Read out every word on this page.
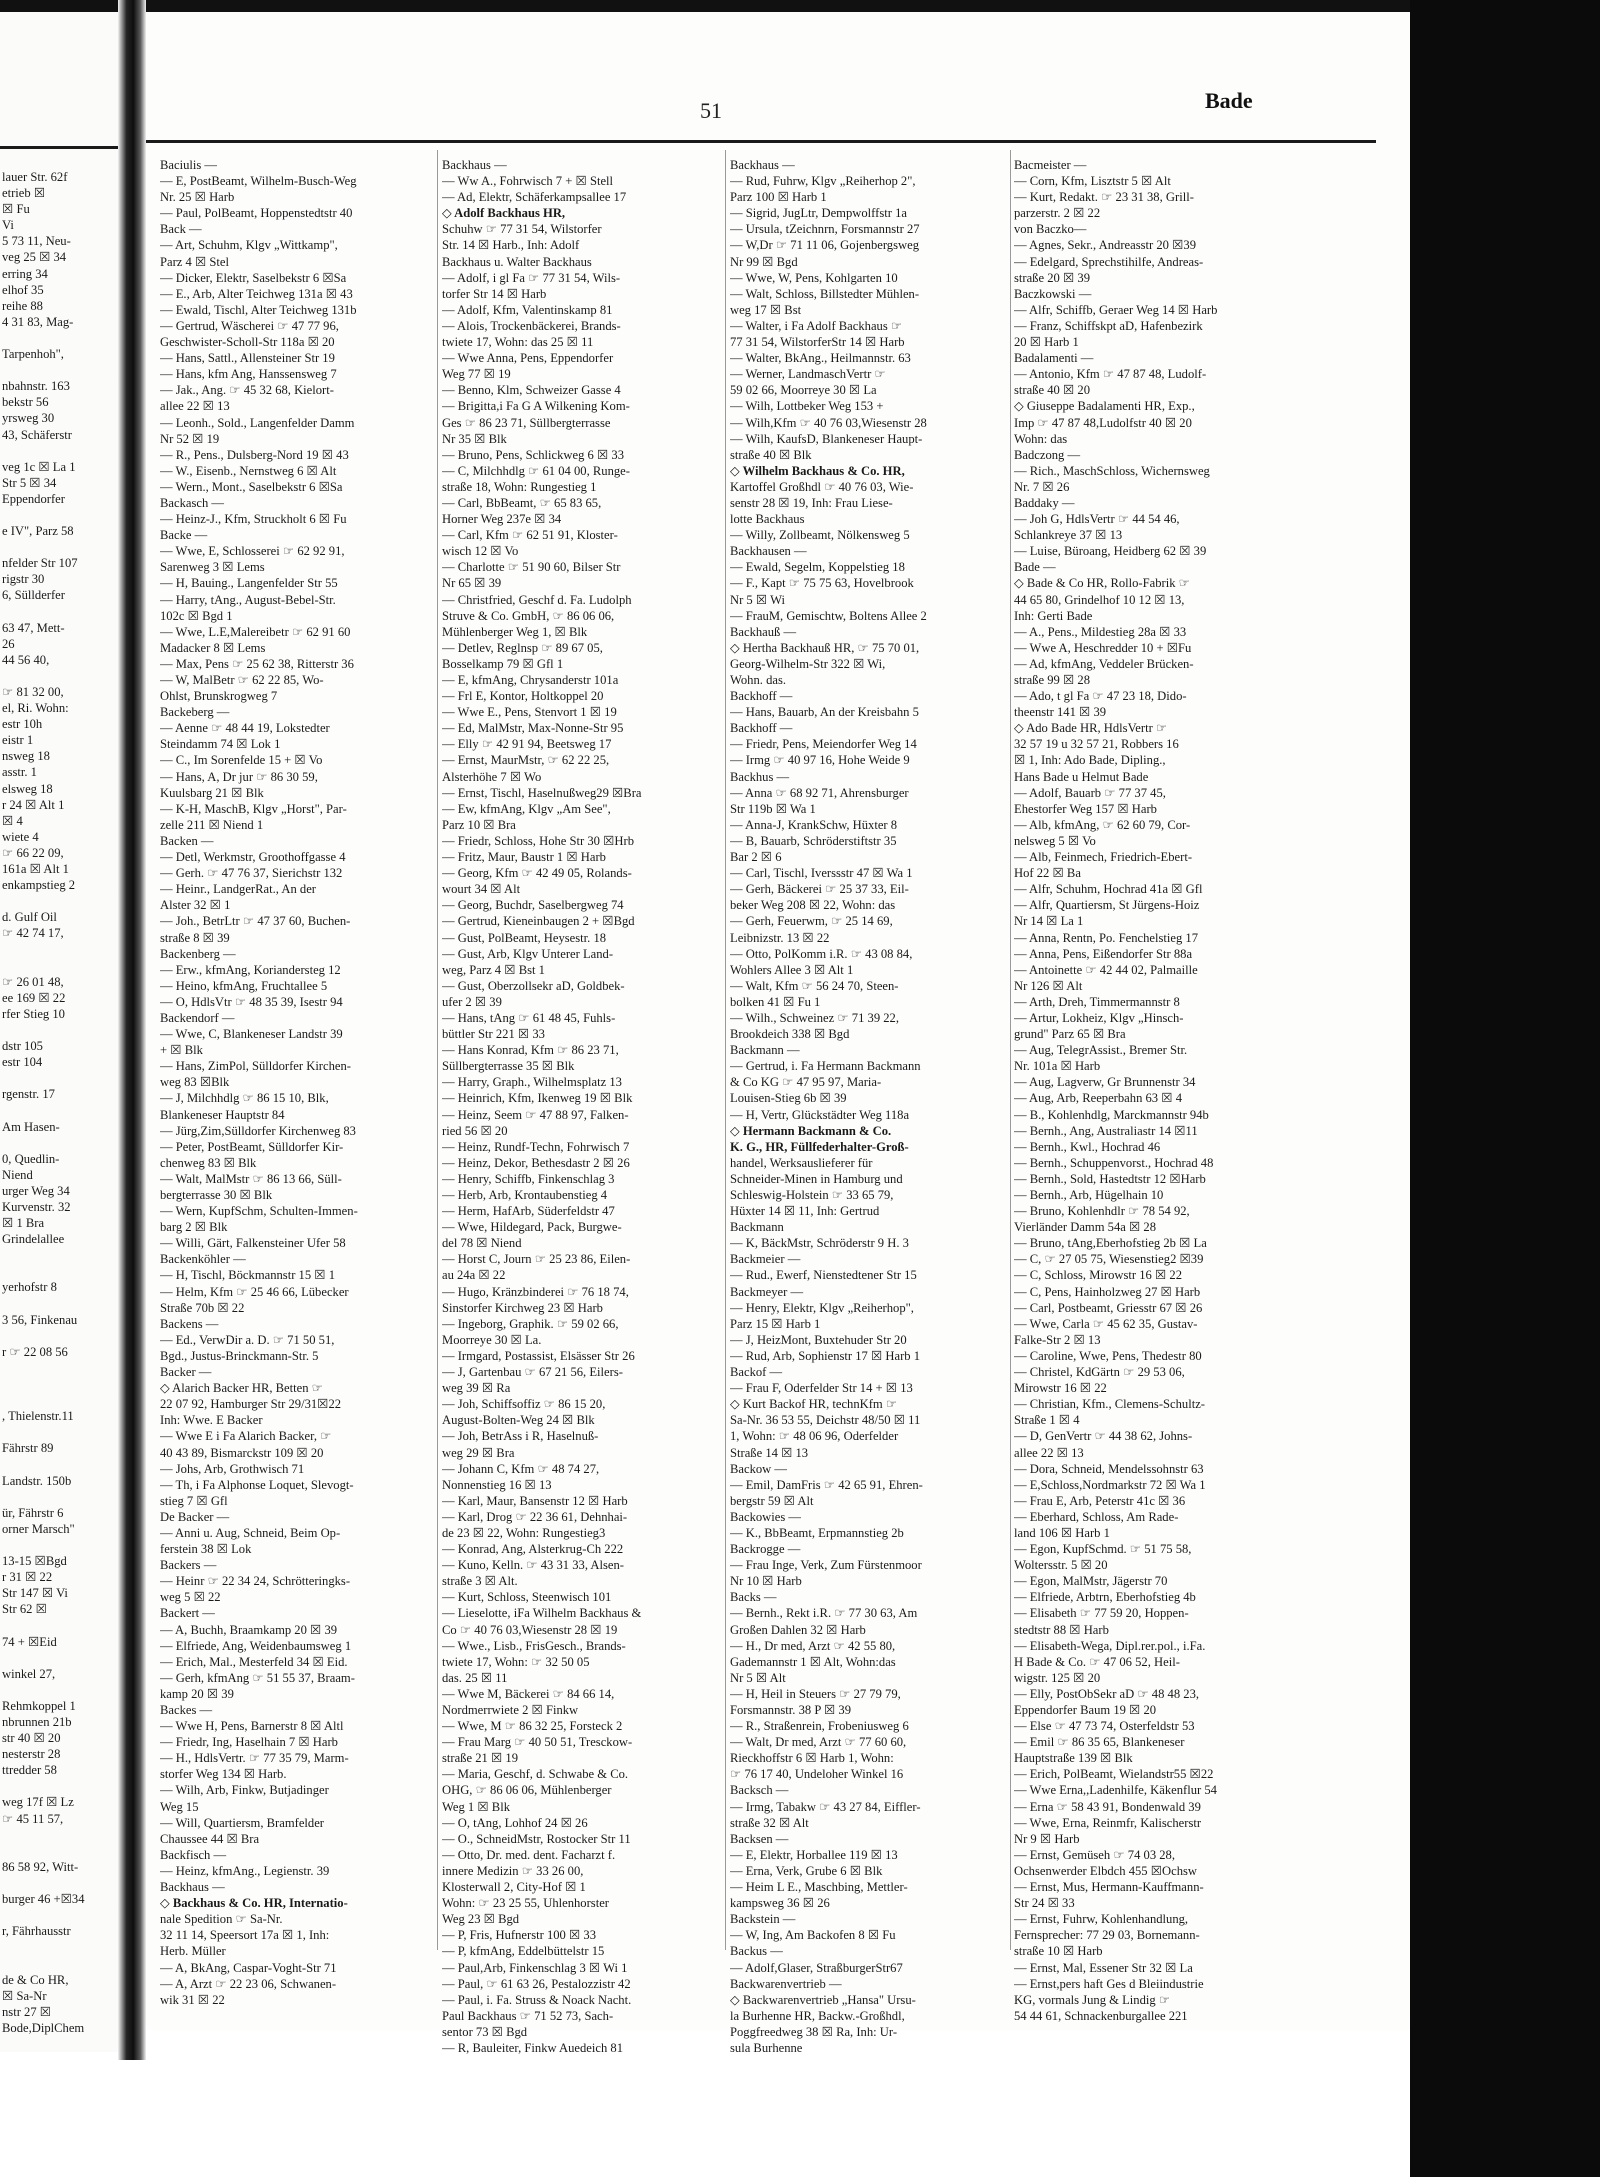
lauer Str. 62f
etrieb ☒
☒ Fu
Vi
5 73 11, Neu-
veg 25 ☒ 34
erring 34
elhof 35
reihe 88
4 31 83, Mag-

Tarpenhoh",

nbahnstr. 163
bekstr 56
yrsweg 30
43, Schäferstr

veg 1c ☒ La 1
Str 5 ☒ 34
Eppendorfer

e IV", Parz 58

nfelder Str 107
rigstr 30
6, Süllderfer

63 47, Mett-
26
44 56 40,

☞ 81 32 00,
el, Ri. Wohn:
estr 10h
eistr 1
nsweg 18
asstr. 1
elsweg 18
r 24 ☒ Alt 1
☒ 4
wiete 4
☞ 66 22 09,
161a ☒ Alt 1
enkampstieg 2

d. Gulf Oil
☞ 42 74 17,

☞ 26 01 48,
ee 169 ☒ 22
rfer Stieg 10

dstr 105
estr 104

rgenstr. 17

Am Hasen-

0, Quedlin-
Niend
urger Weg 34
Kurvenstr. 32
☒ 1 Bra
Grindelallee

yerhofstr 8

3 56, Finkenau

r ☞ 22 08 56

, Thielenstr.11

Fährstr 89

Landstr. 150b

ür, Fährstr 6
orner Marsch"

13-15 ☒Bgd
r 31 ☒ 22
Str 147 ☒ Vi
Str 62 ☒

74 + ☒Eid

winkel 27,

Rehmkoppel 1
nbrunnen 21b
str 40 ☒ 20
nesterstr 28
ttredder 58

weg 17f ☒ Lz
☞ 45 11 57,

86 58 92, Witt-

burger 46 +☒34

r, Fährhausstr

de & Co HR,
☒ Sa-Nr
nstr 27 ☒
Bode,DiplChem
51	Bade
Baciulis —
— E, PostBeamt, Wilhelm-Busch-Weg
Nr. 25 ☒ Harb
— Paul, PolBeamt, Hoppenstedtstr 40
Back —
— Art, Schuhm, Klgv „Wittkamp",
Parz 4 ☒ Stel
— Dicker, Elektr, Saselbekstr 6 ☒Sa
— E., Arb, Alter Teichweg 131a ☒ 43
— Ewald, Tischl, Alter Teichweg 131b
— Gertrud, Wäscherei ☞ 47 77 96,
Geschwister-Scholl-Str 118a ☒ 20
— Hans, Sattl., Allensteiner Str 19
— Hans, kfm Ang, Hanssensweg 7
— Jak., Ang. ☞ 45 32 68, Kielort-
allee 22 ☒ 13
— Leonh., Sold., Langenfelder Damm
Nr 52 ☒ 19
— R., Pens., Dulsberg-Nord 19 ☒ 43
— W., Eisenb., Nernstweg 6 ☒ Alt
— Wern., Mont., Saselbekstr 6 ☒Sa
Backasch —
— Heinz-J., Kfm, Struckholt 6 ☒ Fu
Backe —
— Wwe, E, Schlosserei ☞ 62 92 91,
Sarenweg 3 ☒ Lems
— H, Bauing., Langenfelder Str 55
— Harry, tAng., August-Bebel-Str.
102c ☒ Bgd 1
— Wwe, L.E,Malereibetr ☞ 62 91 60
Madacker 8 ☒ Lems
— Max, Pens ☞ 25 62 38, Ritterstr 36
— W, MalBetr ☞ 62 22 85, Wo-
Ohlst, Brunskrogweg 7
Backeberg —
— Aenne ☞ 48 44 19, Lokstedter
Steindamm 74 ☒ Lok 1
— C., Im Sorenfelde 15 + ☒ Vo
— Hans, A, Dr jur ☞ 86 30 59,
Kuulsbarg 21 ☒ Blk
— K-H, MaschB, Klgv „Horst", Par-
zelle 211 ☒ Niend 1
Backen —
— Detl, Werkmstr, Groothoffgasse 4
— Gerh. ☞ 47 76 37, Sierichstr 132
— Heinr., LandgerRat., An der
Alster 32 ☒ 1
— Joh., BetrLtr ☞ 47 37 60, Buchen-
straße 8 ☒ 39
Backenberg —
— Erw., kfmAng, Koriandersteg 12
— Heino, kfmAng, Fruchtallee 5
— O, HdlsVtr ☞ 48 35 39, Isestr 94
Backendorf —
— Wwe, C, Blankeneser Landstr 39
+ ☒ Blk
— Hans, ZimPol, Sülldorfer Kirchen-
weg 83 ☒Blk
— J, Milchhdlg ☞ 86 15 10, Blk,
Blankeneser Hauptstr 84
— Jürg,Zim,Sülldorfer Kirchenweg 83
— Peter, PostBeamt, Sülldorfer Kir-
chenweg 83 ☒ Blk
— Walt, MalMstr ☞ 86 13 66, Süll-
bergterrasse 30 ☒ Blk
— Wern, KupfSchm, Schulten-Immen-
barg 2 ☒ Blk
— Willi, Gärt, Falkensteiner Ufer 58
Backenköhler —
— H, Tischl, Böckmannstr 15 ☒ 1
— Helm, Kfm ☞ 25 46 66, Lübecker
Straße 70b ☒ 22
Backens —
— Ed., VerwDir a. D. ☞ 71 50 51,
Bgd., Justus-Brinckmann-Str. 5
Backer —
◇ Alarich Backer HR, Betten ☞
22 07 92, Hamburger Str 29/31☒22
Inh: Wwe. E Backer
— Wwe E i Fa Alarich Backer, ☞
40 43 89, Bismarckstr 109 ☒ 20
— Johs, Arb, Grothwisch 71
— Th, i Fa Alphonse Loquet, Slevogt-
stieg 7 ☒ Gfl
De Backer —
— Anni u. Aug, Schneid, Beim Op-
ferstein 38 ☒ Lok
Backers —
— Heinr ☞ 22 34 24, Schrötteringks-
weg 5 ☒ 22
Backert —
— A, Buchh, Braamkamp 20 ☒ 39
— Elfriede, Ang, Weidenbaumsweg 1
— Erich, Mal., Mesterfeld 34 ☒ Eid.
— Gerh, kfmAng ☞ 51 55 37, Braam-
kamp 20 ☒ 39
Backes —
— Wwe H, Pens, Barnerstr 8 ☒ Altl
— Friedr, Ing, Haselhain 7 ☒ Harb
— H., HdlsVertr. ☞ 77 35 79, Marm-
storfer Weg 134 ☒ Harb.
— Wilh, Arb, Finkw, Butjadinger
Weg 15
— Will, Quartiersm, Bramfelder
Chaussee 44 ☒ Bra
Backfisch —
— Heinz, kfmAng., Legienstr. 39
Backhaus —
◇ Backhaus & Co. HR, Internatio-
nale Spedition ☞ Sa-Nr.
32 11 14, Speersort 17a ☒ 1, Inh:
Herb. Müller
— A, BkAng, Caspar-Voght-Str 71
— A, Arzt ☞ 22 23 06, Schwanen-
wik 31 ☒ 22
Backhaus —
— Ww A., Fohrwisch 7 + ☒ Stell
— Ad, Elektr, Schäferkampsallee 17
◇ Adolf Backhaus HR,
Schuhw ☞ 77 31 54, Wilstorfer
Str. 14 ☒ Harb., Inh: Adolf
Backhaus u. Walter Backhaus
— Adolf, i gl Fa ☞ 77 31 54, Wils-
torfer Str 14 ☒ Harb
— Adolf, Kfm, Valentinskamp 81
— Alois, Trockenbäckerei, Brands-
twiete 17, Wohn: das 25 ☒ 11
— Wwe Anna, Pens, Eppendorfer
Weg 77 ☒ 19
— Benno, Klm, Schweizer Gasse 4
— Brigitta,i Fa G A Wilkening Kom-
Ges ☞ 86 23 71, Süllbergterrasse
Nr 35 ☒ Blk
— Bruno, Pens, Schlickweg 6 ☒ 33
— C, Milchhdlg ☞ 61 04 00, Runge-
straße 18, Wohn: Rungestieg 1
— Carl, BbBeamt, ☞ 65 83 65,
Horner Weg 237e ☒ 34
— Carl, Kfm ☞ 62 51 91, Kloster-
wisch 12 ☒ Vo
— Charlotte ☞ 51 90 60, Bilser Str
Nr 65 ☒ 39
— Christfried, Geschf d. Fa. Ludolph
Struve & Co. GmbH, ☞ 86 06 06,
Mühlenberger Weg 1, ☒ Blk
— Detlev, Reglnsp ☞ 89 67 05,
Bosselkamp 79 ☒ Gfl 1
— E, kfmAng, Chrysanderstr 101a
— Frl E, Kontor, Holtkoppel 20
— Wwe E., Pens, Stenvort 1 ☒ 19
— Ed, MalMstr, Max-Nonne-Str 95
— Elly ☞ 42 91 94, Beetsweg 17
— Ernst, MaurMstr, ☞ 62 22 25,
Alsterhöhe 7 ☒ Wo
— Ernst, Tischl, Haselnußweg29 ☒Bra
— Ew, kfmAng, Klgv „Am See",
Parz 10 ☒ Bra
— Friedr, Schloss, Hohe Str 30 ☒Hrb
— Fritz, Maur, Baustr 1 ☒ Harb
— Georg, Kfm ☞ 42 49 05, Rolands-
wourt 34 ☒ Alt
— Georg, Buchdr, Saselbergweg 74
— Gertrud, Kieneinbaugen 2 + ☒Bgd
— Gust, PolBeamt, Heysestr. 18
— Gust, Arb, Klgv Unterer Land-
weg, Parz 4 ☒ Bst 1
— Gust, Oberzollsekr aD, Goldbek-
ufer 2 ☒ 39
— Hans, tAng ☞ 61 48 45, Fuhls-
büttler Str 221 ☒ 33
— Hans Konrad, Kfm ☞ 86 23 71,
Süllbergterrasse 35 ☒ Blk
— Harry, Graph., Wilhelmsplatz 13
— Heinrich, Kfm, Ikenweg 19 ☒ Blk
— Heinz, Seem ☞ 47 88 97, Falken-
ried 56 ☒ 20
— Heinz, Rundf-Techn, Fohrwisch 7
— Heinz, Dekor, Bethesdastr 2 ☒ 26
— Henry, Schiffb, Finkenschlag 3
— Herb, Arb, Krontaubenstieg 4
— Herm, HafArb, Süderfeldstr 47
— Wwe, Hildegard, Pack, Burgwe-
del 78 ☒ Niend
— Horst C, Journ ☞ 25 23 86, Eilen-
au 24a ☒ 22
— Hugo, Kränzbinderei ☞ 76 18 74,
Sinstorfer Kirchweg 23 ☒ Harb
— Ingeborg, Graphik. ☞ 59 02 66,
Moorreye 30 ☒ La.
— Irmgard, Postassist, Elsässer Str 26
— J, Gartenbau ☞ 67 21 56, Eilers-
weg 39 ☒ Ra
— Joh, Schiffsoffiz ☞ 86 15 20,
August-Bolten-Weg 24 ☒ Blk
— Joh, BetrAss i R, Haselnuß-
weg 29 ☒ Bra
— Johann C, Kfm ☞ 48 74 27,
Nonnenstieg 16 ☒ 13
— Karl, Maur, Bansenstr 12 ☒ Harb
— Karl, Drog ☞ 22 36 61, Dehnhai-
de 23 ☒ 22, Wohn: Rungestieg3
— Konrad, Ang, Alsterkrug-Ch 222
— Kuno, Kelln. ☞ 43 31 33, Alsen-
straße 3 ☒ Alt.
— Kurt, Schloss, Steenwisch 101
— Lieselotte, iFa Wilhelm Backhaus &
Co ☞ 40 76 03,Wiesenstr 28 ☒ 19
— Wwe., Lisb., FrisGesch., Brands-
twiete 17, Wohn: ☞ 32 50 05
das. 25 ☒ 11
— Wwe M, Bäckerei ☞ 84 66 14,
Nordmerrwiete 2 ☒ Finkw
— Wwe, M ☞ 86 32 25, Forsteck 2
— Frau Marg ☞ 40 50 51, Tresckow-
straße 21 ☒ 19
— Maria, Geschf, d. Schwabe & Co.
OHG, ☞ 86 06 06, Mühlenberger
Weg 1 ☒ Blk
— O, tAng, Lohhof 24 ☒ 26
— O., SchneidMstr, Rostocker Str 11
— Otto, Dr. med. dent. Facharzt f.
innere Medizin ☞ 33 26 00,
Klosterwall 2, City-Hof ☒ 1
Wohn: ☞ 23 25 55, Uhlenhorster
Weg 23 ☒ Bgd
— P, Fris, Hufnerstr 100 ☒ 33
— P, kfmAng, Eddelbüttelstr 15
— Paul,Arb, Finkenschlag 3 ☒ Wi 1
— Paul, ☞ 61 63 26, Pestalozzistr 42
— Paul, i. Fa. Struss & Noack Nacht.
Paul Backhaus ☞ 71 52 73, Sach-
sentor 73 ☒ Bgd
— R, Bauleiter, Finkw Auedeich 81
Backhaus —
— Rud, Fuhrw, Klgv „Reiherhop 2",
Parz 100 ☒ Harb 1
— Sigrid, JugLtr, Dempwolffstr 1a
— Ursula, tZeichnrn, Forsmannstr 27
— W,Dr ☞ 71 11 06, Gojenbergsweg
Nr 99 ☒ Bgd
— Wwe, W, Pens, Kohlgarten 10
— Walt, Schloss, Billstedter Mühlen-
weg 17 ☒ Bst
— Walter, i Fa Adolf Backhaus ☞
77 31 54, WilstorferStr 14 ☒ Harb
— Walter, BkAng., Heilmannstr. 63
— Werner, LandmaschVertr ☞
59 02 66, Moorreye 30 ☒ La
— Wilh, Lottbeker Weg 153 +
— Wilh,Kfm ☞ 40 76 03,Wiesenstr 28
— Wilh, KaufsD, Blankeneser Haupt-
straße 40 ☒ Blk
◇ Wilhelm Backhaus & Co. HR,
Kartoffel Großhdl ☞ 40 76 03, Wie-
senstr 28 ☒ 19, Inh: Frau Liese-
lotte Backhaus
— Willy, Zollbeamt, Nölkensweg 5
Backhausen —
— Ewald, Segelm, Koppelstieg 18
— F., Kapt ☞ 75 75 63, Hovelbrook
Nr 5 ☒ Wi
— FrauM, Gemischtw, Boltens Allee 2
Backhauß —
◇ Hertha Backhauß HR, ☞ 75 70 01,
Georg-Wilhelm-Str 322 ☒ Wi,
Wohn. das.
Backhoff —
— Hans, Bauarb, An der Kreisbahn 5
Backhoff —
— Friedr, Pens, Meiendorfer Weg 14
— Irmg ☞ 40 97 16, Hohe Weide 9
Backhus —
— Anna ☞ 68 92 71, Ahrensburger
Str 119b ☒ Wa 1
— Anna-J, KrankSchw, Hüxter 8
— B, Bauarb, Schröderstiftstr 35
Bar 2 ☒ 6
— Carl, Tischl, Iverssstr 47 ☒ Wa 1
— Gerh, Bäckerei ☞ 25 37 33, Eil-
beker Weg 208 ☒ 22, Wohn: das
— Gerh, Feuerwm, ☞ 25 14 69,
Leibnizstr. 13 ☒ 22
— Otto, PolKomm i.R. ☞ 43 08 84,
Wohlers Allee 3 ☒ Alt 1
— Walt, Kfm ☞ 56 24 70, Steen-
bolken 41 ☒ Fu 1
— Wilh., Schweinez ☞ 71 39 22,
Brookdeich 338 ☒ Bgd
Backmann —
— Gertrud, i. Fa Hermann Backmann
& Co KG ☞ 47 95 97, Maria-
Louisen-Stieg 6b ☒ 39
— H, Vertr, Glückstädter Weg 118a
◇ Hermann Backmann & Co.
K. G., HR, Füllfederhalter-Groß-
handel, Werksauslieferer für
Schneider-Minen in Hamburg und
Schleswig-Holstein ☞ 33 65 79,
Hüxter 14 ☒ 11, Inh: Gertrud
Backmann
— K, BäckMstr, Schröderstr 9 H. 3
Backmeier —
— Rud., Ewerf, Nienstedtener Str 15
Backmeyer —
— Henry, Elektr, Klgv „Reiherhop",
Parz 15 ☒ Harb 1
— J, HeizMont, Buxtehuder Str 20
— Rud, Arb, Sophienstr 17 ☒ Harb 1
Backof —
— Frau F, Oderfelder Str 14 + ☒ 13
◇ Kurt Backof HR, technKfm ☞
Sa-Nr. 36 53 55, Deichstr 48/50 ☒ 11
1, Wohn: ☞ 48 06 96, Oderfelder
Straße 14 ☒ 13
Backow —
— Emil, DamFris ☞ 42 65 91, Ehren-
bergstr 59 ☒ Alt
Backowies —
— K., BbBeamt, Erpmannstieg 2b
Backrogge —
— Frau Inge, Verk, Zum Fürstenmoor
Nr 10 ☒ Harb
Backs —
— Bernh., Rekt i.R. ☞ 77 30 63, Am
Großen Dahlen 32 ☒ Harb
— H., Dr med, Arzt ☞ 42 55 80,
Gademannstr 1 ☒ Alt, Wohn:das
Nr 5 ☒ Alt
— H, Heil in Steuers ☞ 27 79 79,
Forsmannstr. 38 P ☒ 39
— R., Straßenrein, Frobeniusweg 6
— Walt, Dr med, Arzt ☞ 77 60 60,
Rieckhoffstr 6 ☒ Harb 1, Wohn:
☞ 76 17 40, Undeloher Winkel 16
Backsch —
— Irmg, Tabakw ☞ 43 27 84, Eiffler-
straße 32 ☒ Alt
Backsen —
— E, Elektr, Horballee 119 ☒ 13
— Erna, Verk, Grube 6 ☒ Blk
— Heim L E., Maschbing, Mettler-
kampsweg 36 ☒ 26
Backstein —
— W, Ing, Am Backofen 8 ☒ Fu
Backus —
— Adolf,Glaser, StraßburgerStr67
Backwarenvertrieb —
◇ Backwarenvertrieb „Hansa" Ursu-
la Burhenne HR, Backw.-Großhdl,
Poggfreedweg 38 ☒ Ra, Inh: Ur-
sula Burhenne
Bacmeister —
— Corn, Kfm, Lisztstr 5 ☒ Alt
— Kurt, Redakt. ☞ 23 31 38, Grill-
parzerstr. 2 ☒ 22
von Baczko—
— Agnes, Sekr., Andreasstr 20 ☒39
— Edelgard, Sprechstihilfe, Andreas-
straße 20 ☒ 39
Baczkowski —
— Alfr, Schiffb, Geraer Weg 14 ☒ Harb
— Franz, Schiffskpt aD, Hafenbezirk
20 ☒ Harb 1
Badalamenti —
— Antonio, Kfm ☞ 47 87 48, Ludolf-
straße 40 ☒ 20
◇ Giuseppe Badalamenti HR, Exp.,
Imp ☞ 47 87 48,Ludolfstr 40 ☒ 20
Wohn: das
Badczong —
— Rich., MaschSchloss, Wichernsweg
Nr. 7 ☒ 26
Baddaky —
— Joh G, HdlsVertr ☞ 44 54 46,
Schlankreye 37 ☒ 13
— Luise, Büroang, Heidberg 62 ☒ 39
Bade —
◇ Bade & Co HR, Rollo-Fabrik ☞
44 65 80, Grindelhof 10 12 ☒ 13,
Inh: Gerti Bade
— A., Pens., Mildestieg 28a ☒ 33
— Wwe A, Heschredder 10 + ☒Fu
— Ad, kfmAng, Veddeler Brücken-
straße 99 ☒ 28
— Ado, t gl Fa ☞ 47 23 18, Dido-
theenstr 141 ☒ 39
◇ Ado Bade HR, HdlsVertr ☞
32 57 19 u 32 57 21, Robbers 16
☒ 1, Inh: Ado Bade, Dipling.,
Hans Bade u Helmut Bade
— Adolf, Bauarb ☞ 77 37 45,
Ehestorfer Weg 157 ☒ Harb
— Alb, kfmAng, ☞ 62 60 79, Cor-
nelsweg 5 ☒ Vo
— Alb, Feinmech, Friedrich-Ebert-
Hof 22 ☒ Ba
— Alfr, Schuhm, Hochrad 41a ☒ Gfl
— Alfr, Quartiersm, St Jürgens-Hoiz
Nr 14 ☒ La 1
— Anna, Rentn, Po. Fenchelstieg 17
— Anna, Pens, Eißendorfer Str 88a
— Antoinette ☞ 42 44 02, Palmaille
Nr 126 ☒ Alt
— Arth, Dreh, Timmermannstr 8
— Artur, Lokheiz, Klgv „Hinsch-
grund" Parz 65 ☒ Bra
— Aug, TelegrAssist., Bremer Str.
Nr. 101a ☒ Harb
— Aug, Lagverw, Gr Brunnenstr 34
— Aug, Arb, Reeperbahn 63 ☒ 4
— B., Kohlenhdlg, Marckmannstr 94b
— Bernh., Ang, Australiastr 14 ☒11
— Bernh., Kwl., Hochrad 46
— Bernh., Schuppenvorst., Hochrad 48
— Bernh., Sold, Hastedtstr 12 ☒Harb
— Bernh., Arb, Hügelhain 10
— Bruno, Kohlenhdlr ☞ 78 54 92,
Vierländer Damm 54a ☒ 28
— Bruno, tAng,Eberhofstieg 2b ☒ La
— C, ☞ 27 05 75, Wiesenstieg2 ☒39
— C, Schloss, Mirowstr 16 ☒ 22
— C, Pens, Hainholzweg 27 ☒ Harb
— Carl, Postbeamt, Griesstr 67 ☒ 26
— Wwe, Carla ☞ 45 62 35, Gustav-
Falke-Str 2 ☒ 13
— Caroline, Wwe, Pens, Thedestr 80
— Christel, KdGärtn ☞ 29 53 06,
Mirowstr 16 ☒ 22
— Christian, Kfm., Clemens-Schultz-
Straße 1 ☒ 4
— D, GenVertr ☞ 44 38 62, Johns-
allee 22 ☒ 13
— Dora, Schneid, Mendelssohnstr 63
— E,Schloss,Nordmarkstr 72 ☒ Wa 1
— Frau E, Arb, Peterstr 41c ☒ 36
— Eberhard, Schloss, Am Rade-
land 106 ☒ Harb 1
— Egon, KupfSchmd. ☞ 51 75 58,
Woltersstr. 5 ☒ 20
— Egon, MalMstr, Jägerstr 70
— Elfriede, Arbtrn, Eberhofstieg 4b
— Elisabeth ☞ 77 59 20, Hoppen-
stedtstr 88 ☒ Harb
— Elisabeth-Wega, Dipl.rer.pol., i.Fa.
H Bade & Co. ☞ 47 06 52, Heil-
wigstr. 125 ☒ 20
— Elly, PostObSekr aD ☞ 48 48 23,
Eppendorfer Baum 19 ☒ 20
— Else ☞ 47 73 74, Osterfeldstr 53
— Emil ☞ 86 35 65, Blankeneser
Hauptstraße 139 ☒ Blk
— Erich, PolBeamt, Wielandstr55 ☒22
— Wwe Erna,,Ladenhilfe, Käkenflur 54
— Erna ☞ 58 43 91, Bondenwald 39
— Wwe, Erna, Reinmfr, Kalischerstr
Nr 9 ☒ Harb
— Ernst, Gemüseh ☞ 74 03 28,
Ochsenwerder Elbdch 455 ☒Ochsw
— Ernst, Mus, Hermann-Kauffmann-
Str 24 ☒ 33
— Ernst, Fuhrw, Kohlenhandlung,
Fernsprecher: 77 29 03, Bornemann-
straße 10 ☒ Harb
— Ernst, Mal, Essener Str 32 ☒ La
— Ernst,pers haft Ges d Bleiindustrie
KG, vormals Jung & Lindig ☞
54 44 61, Schnackenburgallee 221
